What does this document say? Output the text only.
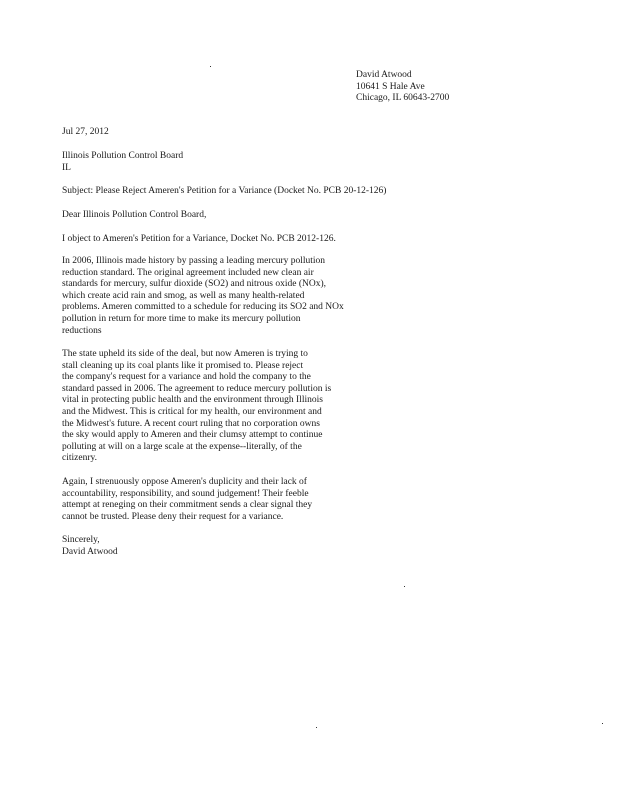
David Atwood
10641 S Hale Ave
Chicago, IL 60643-2700

Jul 27, 2012

Illinois Pollution Control Board
IL

Subject: Please Reject Ameren's Petition for a Variance (Docket No. PCB 20-12-126)

Dear Illinois Pollution Control Board,

I object to Ameren's Petition for a Variance, Docket No. PCB 2012-126.

In 2006, Illinois made history by passing a leading mercury pollution
reduction standard. The original agreement included new clean air
standards for mercury, sulfur dioxide (SO2) and nitrous oxide (NOx),
which create acid rain and smog, as well as many health-related
problems. Ameren committed to a schedule for reducing its SO2 and NOx
pollution in return for more time to make its mercury pollution
reductions
The state upheld its side of the deal, but now Ameren is trying to
stall cleaning up its coal plants like it promised to. Please reject
the company's request for a variance and hold the company to the
standard passed in 2006. The agreement to reduce mercury pollution is
vital in protecting public health and the environment through Illinois
and the Midwest. This is critical for my health, our environment and
the Midwest's future. A recent court ruling that no corporation owns
the sky would apply to Ameren and their clumsy attempt to continue
polluting at will on a large scale at the expense--literally, of the
citizenry.
Again, I strenuously oppose Ameren's duplicity and their lack of
accountability, responsibility, and sound judgement! Their feeble
attempt at reneging on their commitment sends a clear signal they
cannot be trusted. Please deny their request for a variance.
Sincerely,
David Atwood
